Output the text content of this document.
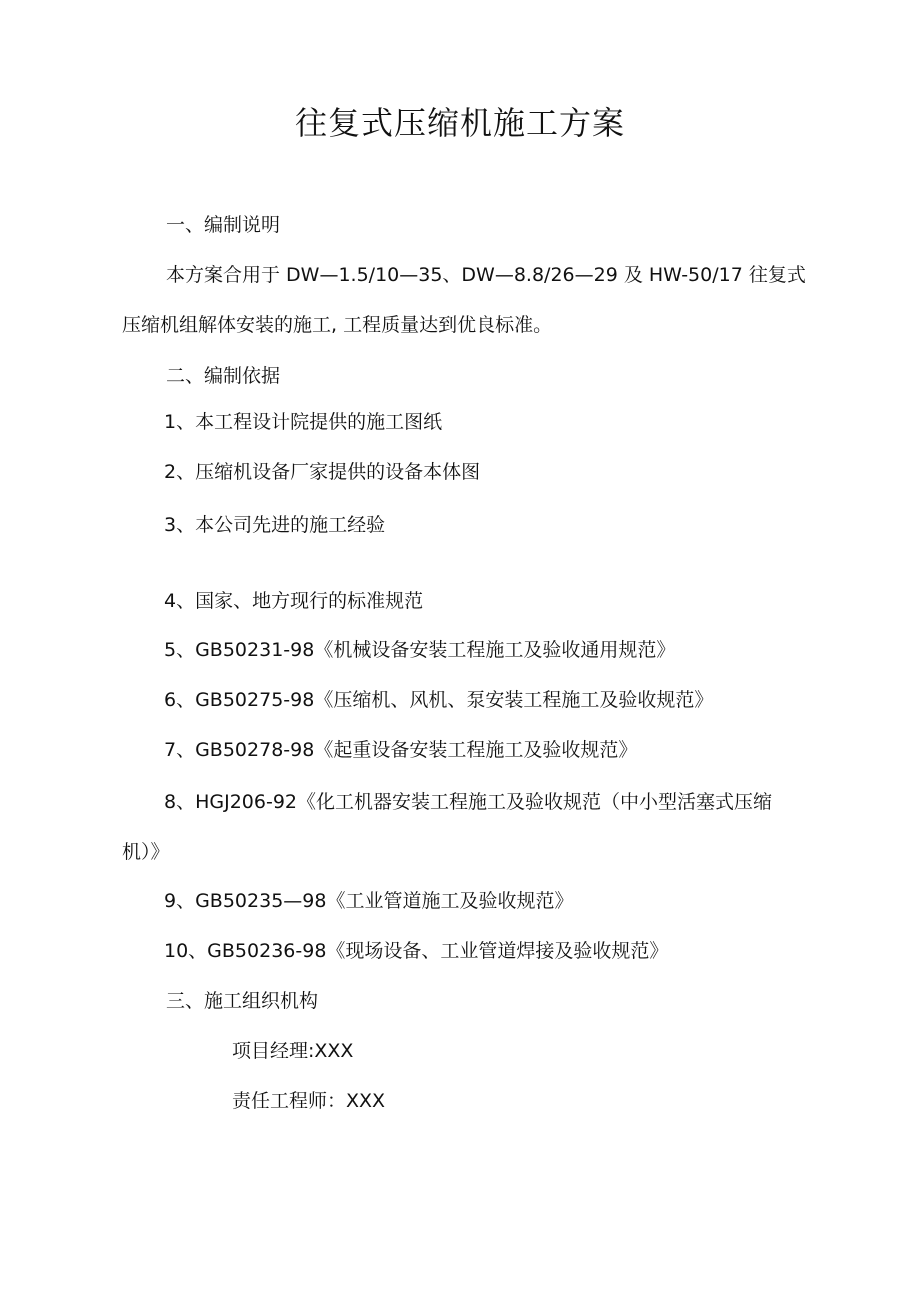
往复式压缩机施工方案
一、编制说明
本方案合用于 DW—1.5/10—35、DW—8.8/26—29 及 HW-50/17 往复式
压缩机组解体安装的施工, 工程质量达到优良标准。
二、编制依据
1、本工程设计院提供的施工图纸
2、压缩机设备厂家提供的设备本体图
3、本公司先进的施工经验
4、国家、地方现行的标准规范
5、GB50231-98《机械设备安装工程施工及验收通用规范》
6、GB50275-98《压缩机、风机、泵安装工程施工及验收规范》
7、GB50278-98《起重设备安装工程施工及验收规范》
8、HGJ206-92《化工机器安装工程施工及验收规范（中小型活塞式压缩
机）》
9、GB50235—98《工业管道施工及验收规范》
10、GB50236-98《现场设备、工业管道焊接及验收规范》
三、施工组织机构
项目经理:XXX
责任工程师：XXX
